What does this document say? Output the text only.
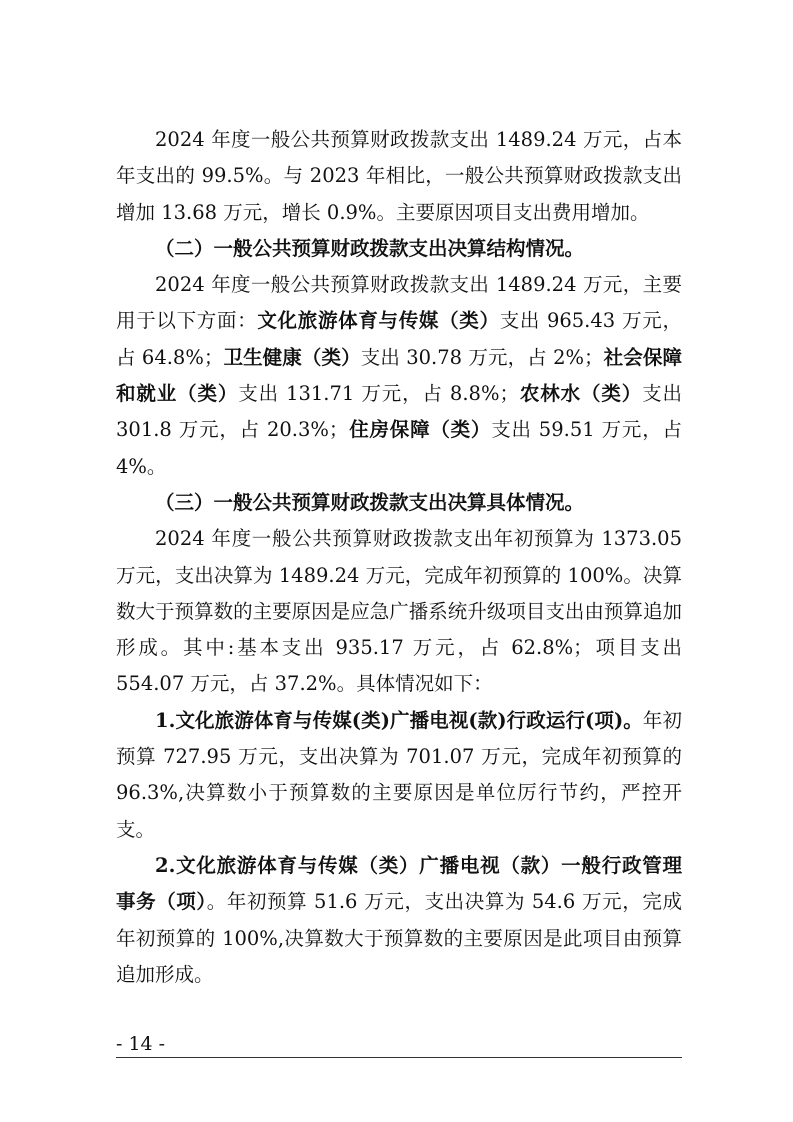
2024 年度一般公共预算财政拨款支出 1489.24 万元，占本年支出的 99.5%。与 2023 年相比，一般公共预算财政拨款支出增加 13.68 万元，增长 0.9%。主要原因项目支出费用增加。

（二）一般公共预算财政拨款支出决算结构情况。

2024 年度一般公共预算财政拨款支出 1489.24 万元，主要用于以下方面：文化旅游体育与传媒（类）支出 965.43 万元，占 64.8%；卫生健康（类）支出 30.78 万元，占 2%；社会保障和就业（类）支出 131.71 万元，占 8.8%；农林水（类）支出 301.8 万元，占 20.3%；住房保障（类）支出 59.51 万元，占 4%。

（三）一般公共预算财政拨款支出决算具体情况。

2024 年度一般公共预算财政拨款支出年初预算为 1373.05 万元，支出决算为 1489.24 万元，完成年初预算的 100%。决算数大于预算数的主要原因是应急广播系统升级项目支出由预算追加形成。其中:基本支出 935.17 万元，占 62.8%；项目支出 554.07 万元，占 37.2%。具体情况如下：

1.文化旅游体育与传媒(类)广播电视(款)行政运行(项)。年初预算 727.95 万元，支出决算为 701.07 万元，完成年初预算的 96.3%,决算数小于预算数的主要原因是单位厉行节约，严控开支。

2.文化旅游体育与传媒（类）广播电视（款）一般行政管理事务（项）。年初预算 51.6 万元，支出决算为 54.6 万元，完成年初预算的 100%,决算数大于预算数的主要原因是此项目由预算追加形成。

- 14 -
